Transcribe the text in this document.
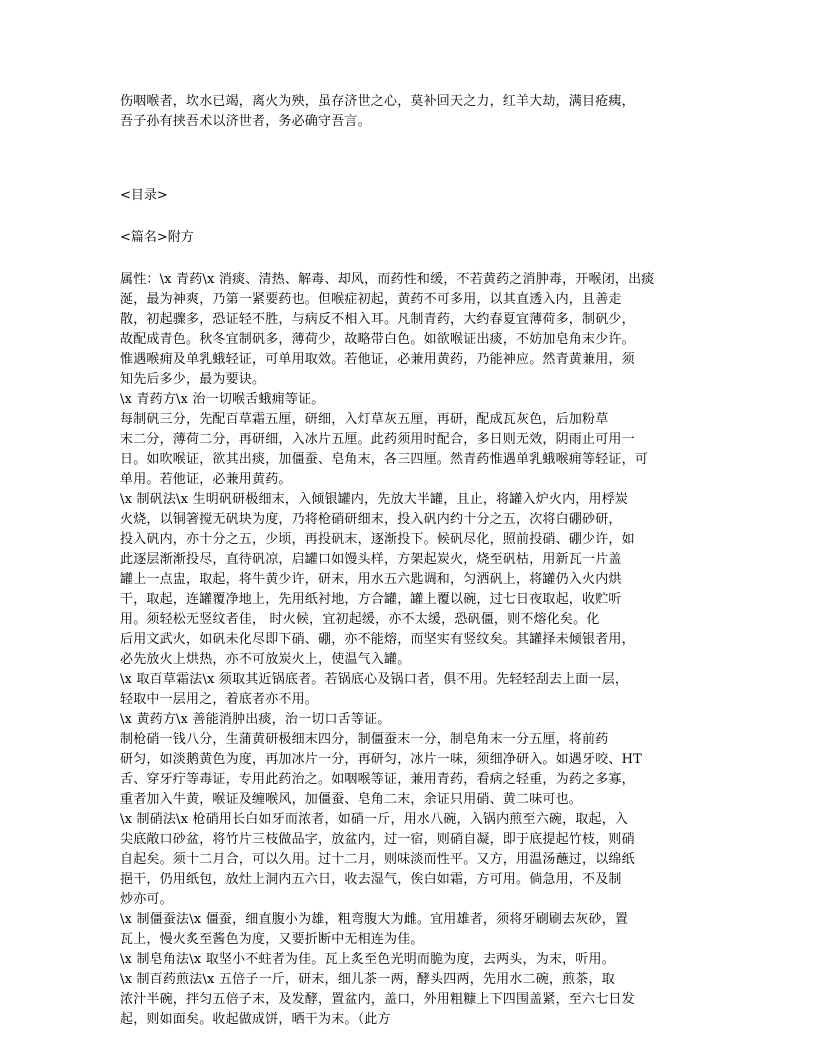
伤咽喉者，坎水已竭，离火为殃，虽存济世之心，莫补回天之力，红羊大劫，满目疮痍，
吾子孙有挟吾术以济世者，务必确守吾言。
<目录>
<篇名>附方
属性：\x 青药\x 消痰、清热、解毒、却风，而药性和缓，不若黄药之消肿毒，开喉闭，出痰
涎，最为神爽，乃第一紧要药也。但喉症初起，黄药不可多用，以其直透入内，且善走
散，初起骤多，恐证轻不胜，与病反不相入耳。凡制青药，大约春夏宜薄荷多，制矾少，
故配成青色。秋冬宜制矾多，薄荷少，故略带白色。如欲喉证出痰，不妨加皂角末少许。
惟遇喉痈及单乳蛾轻证，可单用取效。若他证，必兼用黄药，乃能神应。然青黄兼用，须
知先后多少，最为要诀。
\x 青药方\x 治一切喉舌蛾痈等证。
每制矾三分，先配百草霜五厘，研细，入灯草灰五厘，再研，配成瓦灰色，后加粉草
末二分，薄荷二分，再研细，入冰片五厘。此药须用时配合，多日则无效，阴雨止可用一
日。如吹喉证，欲其出痰，加僵蚕、皂角末，各三四厘。然青药惟遇单乳蛾喉痈等轻证，可
单用。若他证，必兼用黄药。
\x 制矾法\x 生明矾研极细末，入倾银罐内，先放大半罐，且止，将罐入炉火内，用桴炭
火烧，以铜箸搅无矾块为度，乃将枪硝研细末，投入矾内约十分之五，次将白硼砂研，
投入矾内，亦十分之五，少顷，再投矾末，逐渐投下。候矾尽化，照前投硝、硼少许，如
此逐层渐渐投尽，直待矾凉，启罐口如馒头样，方架起炭火，烧至矾枯，用新瓦一片盖
罐上一点盅，取起，将牛黄少许，研末，用水五六匙调和，匀洒矾上，将罐仍入火内烘
干，取起，连罐覆净地上，先用纸衬地，方合罐，罐上覆以碗，过七日夜取起，收贮听
用。须轻松无竖纹者佳， 时火候，宜初起缓，亦不太缓，恐矾僵，则不熔化矣。化
后用文武火，如矾未化尽即下硝、硼，亦不能熔，而坚实有竖纹矣。其罐择未倾银者用，
必先放火上烘热，亦不可放炭火上，使温气入罐。
\x 取百草霜法\x 须取其近锅底者。若锅底心及锅口者，俱不用。先轻轻刮去上面一层，
轻取中一层用之，着底者亦不用。
\x 黄药方\x 善能消肿出痰，治一切口舌等证。
制枪硝一钱八分，生蒲黄研极细末四分，制僵蚕末一分，制皂角末一分五厘，将前药
研匀，如淡鹅黄色为度，再加冰片一分，再研匀，冰片一味，须细净研入。如遇牙咬、HT
舌、穿牙疔等毒证，专用此药治之。如咽喉等证，兼用青药，看病之轻重，为药之多寡，
重者加入牛黄，喉证及缠喉风，加僵蚕、皂角二末，余证只用硝、黄二味可也。
\x 制硝法\x 枪硝用长白如牙而浓者，如硝一斤，用水八碗，入锅内煎至六碗，取起，入
尖底敞口砂盆，将竹片三枝做品字，放盆内，过一宿，则硝自凝，即于底提起竹枝，则硝
自起矣。须十二月合，可以久用。过十二月，则味淡而性平。又方，用温汤蘸过，以绵纸
挹干，仍用纸包，放灶上洞内五六日，收去湿气，俟白如霜，方可用。倘急用，不及制
炒亦可。
\x 制僵蚕法\x 僵蚕，细直腹小为雄，粗弯腹大为雌。宜用雄者，须将牙刷刷去灰砂，置
瓦上，慢火炙至酱色为度，又要折断中无相连为佳。
\x 制皂角法\x 取坚小不蛀者为佳。瓦上炙至色光明而脆为度，去两头，为末，听用。
\x 制百药煎法\x 五倍子一斤，研末，细儿茶一两，酵头四两，先用水二碗，煎茶，取
浓汁半碗，拌匀五倍子末，及发酵，置盆内，盖口，外用粗糠上下四围盖紧，至六七日发
起，则如面矣。收起做成饼，晒干为末。（此方
